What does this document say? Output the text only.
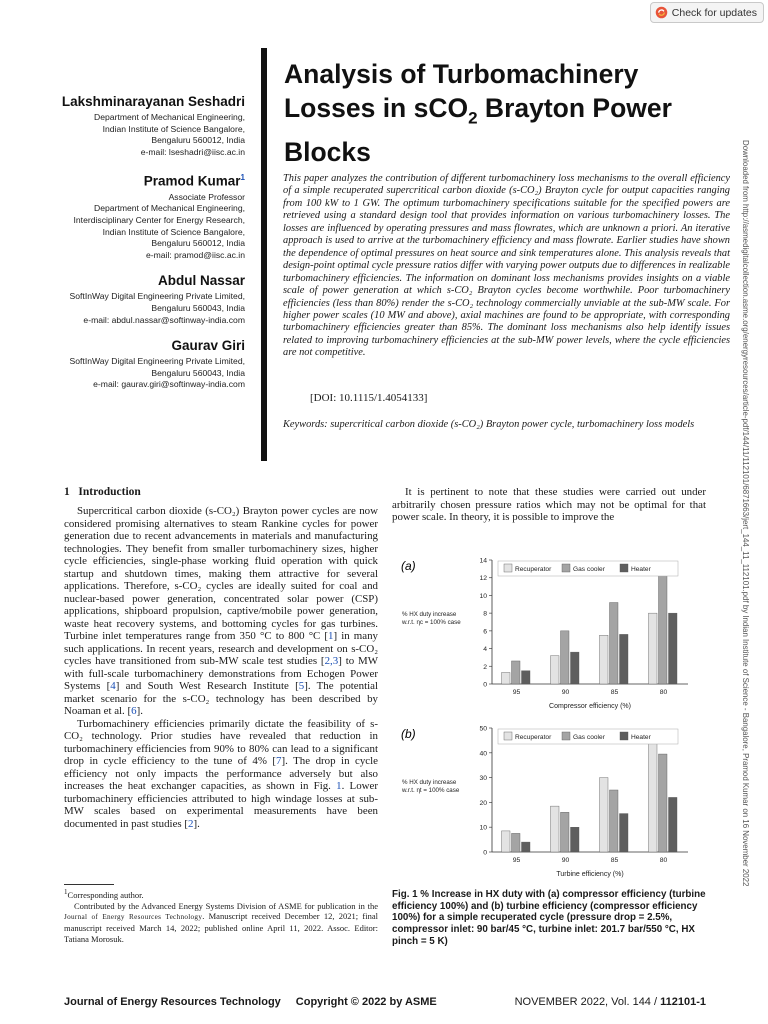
Check for updates
Downloaded from http://asmedigitalcollection.asme.org/energyresources/article-pdf/144/11/112101/6871663/jert_144_11_112101.pdf by Indian Institute of Science - Bangalore, Pramod Kumar on 16 November 2022
Lakshminarayanan Seshadri
Department of Mechanical Engineering,
Indian Institute of Science Bangalore,
Bengaluru 560012, India
e-mail: lseshadri@iisc.ac.in
Pramod Kumar$^1$
Associate Professor
Department of Mechanical Engineering,
Interdisciplinary Center for Energy Research,
Indian Institute of Science Bangalore,
Bengaluru 560012, India
e-mail: pramod@iisc.ac.in
Abdul Nassar
SoftInWay Digital Engineering Private Limited,
Bengaluru 560043, India
e-mail: abdul.nassar@softinway-india.com
Gaurav Giri
SoftInWay Digital Engineering Private Limited,
Bengaluru 560043, India
e-mail: gaurav.giri@softinway-india.com
Analysis of Turbomachinery
Losses in sCO$_2$ Brayton Power
Blocks
This paper analyzes the contribution of different turbomachinery loss mechanisms to the overall efficiency of a simple recuperated supercritical carbon dioxide (s-CO₂) Brayton cycle for output capacities ranging from 100 kW to 1 GW. The optimum turbomachinery specifications suitable for the specified powers are retrieved using a standard design tool that provides information on various turbomachinery losses. The losses are influenced by operating pressures and mass flowrates, which are unknown a priori. An iterative approach is used to arrive at the turbomachinery efficiency and mass flowrate. Earlier studies have shown the dependence of optimal pressures on heat source and sink temperatures alone. This analysis reveals that design-point optimal cycle pressure ratios differ with varying power outputs due to differences in realizable turbomachinery efficiencies. The information on dominant loss mechanisms provides insights on a viable scale of power generation at which s-CO₂ Brayton cycles become worthwhile. Poor turbomachinery efficiencies (less than 80%) render the s-CO₂ technology commercially unviable at the sub-MW scale. For higher power scales (10 MW and above), axial machines are found to be appropriate, with corresponding turbomachinery efficiencies greater than 85%. The dominant loss mechanisms also help identify issues related to improving turbomachinery efficiencies at the sub-MW power levels, where the cycle efficiencies are not competitive.
[DOI: 10.1115/1.4054133]
Keywords: supercritical carbon dioxide (s-CO₂) Brayton power cycle, turbomachinery loss models
1 Introduction

Supercritical carbon dioxide (s-CO₂) Brayton power cycles are now considered promising alternatives to steam Rankine cycles for power generation due to recent advancements in materials and manufacturing technologies. They benefit from smaller turbomachinery sizes, higher cycle efficiencies, single-phase working fluid operation with quick startup and shutdown times, making them attractive for several applications. Therefore, s-CO₂ cycles are ideally suited for coal and nuclear-based power generation, concentrated solar power (CSP) applications, shipboard propulsion, captive/mobile power generation, waste heat recovery systems, and bottoming cycles for gas turbines. Turbine inlet temperatures range from 350 °C to 800 °C [1] in many such applications. In recent years, research and development on s-CO₂ cycles have transitioned from sub-MW scale test studies [2,3] to MW with full-scale turbomachinery demonstrations from Echogen Power Systems [4] and South West Research Institute [5]. The potential market scenario for the s-CO₂ technology has been described by Noaman et al. [6].

Turbomachinery efficiencies primarily dictate the feasibility of s-CO₂ technology. Prior studies have revealed that reduction in turbomachinery efficiencies from 90% to 80% can lead to a significant drop in cycle efficiency to the tune of 4% [7]. The drop in cycle efficiency not only impacts the performance adversely but also increases the heat exchanger capacities, as shown in Fig. 1. Lower turbomachinery efficiencies attributed to high windage losses at sub-MW scales based on experimental measurements have been documented in past studies [2].

It is pertinent to note that these studies were carried out under arbitrarily chosen pressure ratios which may not be optimal for that power scale. In theory, it is possible to improve the
(a)
0
2
4
6
8
10
12
14
% HX duty increase
w.r.t. ηc = 100% case
95	90	85	80
Compressor efficiency (%)
Recuperator	Gas cooler	Heater
(b)
0
10
20
30
40
50
% HX duty increase
w.r.t. ηt = 100% case
95	90	85	80
Turbine efficiency (%)
Recuperator	Gas cooler	Heater
Fig. 1 % Increase in HX duty with (a) compressor efficiency (turbine efficiency 100%) and (b) turbine efficiency (compressor efficiency 100%) for a simple recuperated cycle (pressure drop = 2.5%, compressor inlet: 90 bar/45 °C, turbine inlet: 201.7 bar/550 °C, HX pinch = 5 K)
$^1$Corresponding author.
Contributed by the Advanced Energy Systems Division of ASME for publication in the Journal of Energy Resources Technology. Manuscript received December 12, 2021; final manuscript received March 14, 2022; published online April 11, 2022. Assoc. Editor: Tatiana Morosuk.
Journal of Energy Resources Technology Copyright © 2022 by ASME	NOVEMBER 2022, Vol. 144 / 112101-1
